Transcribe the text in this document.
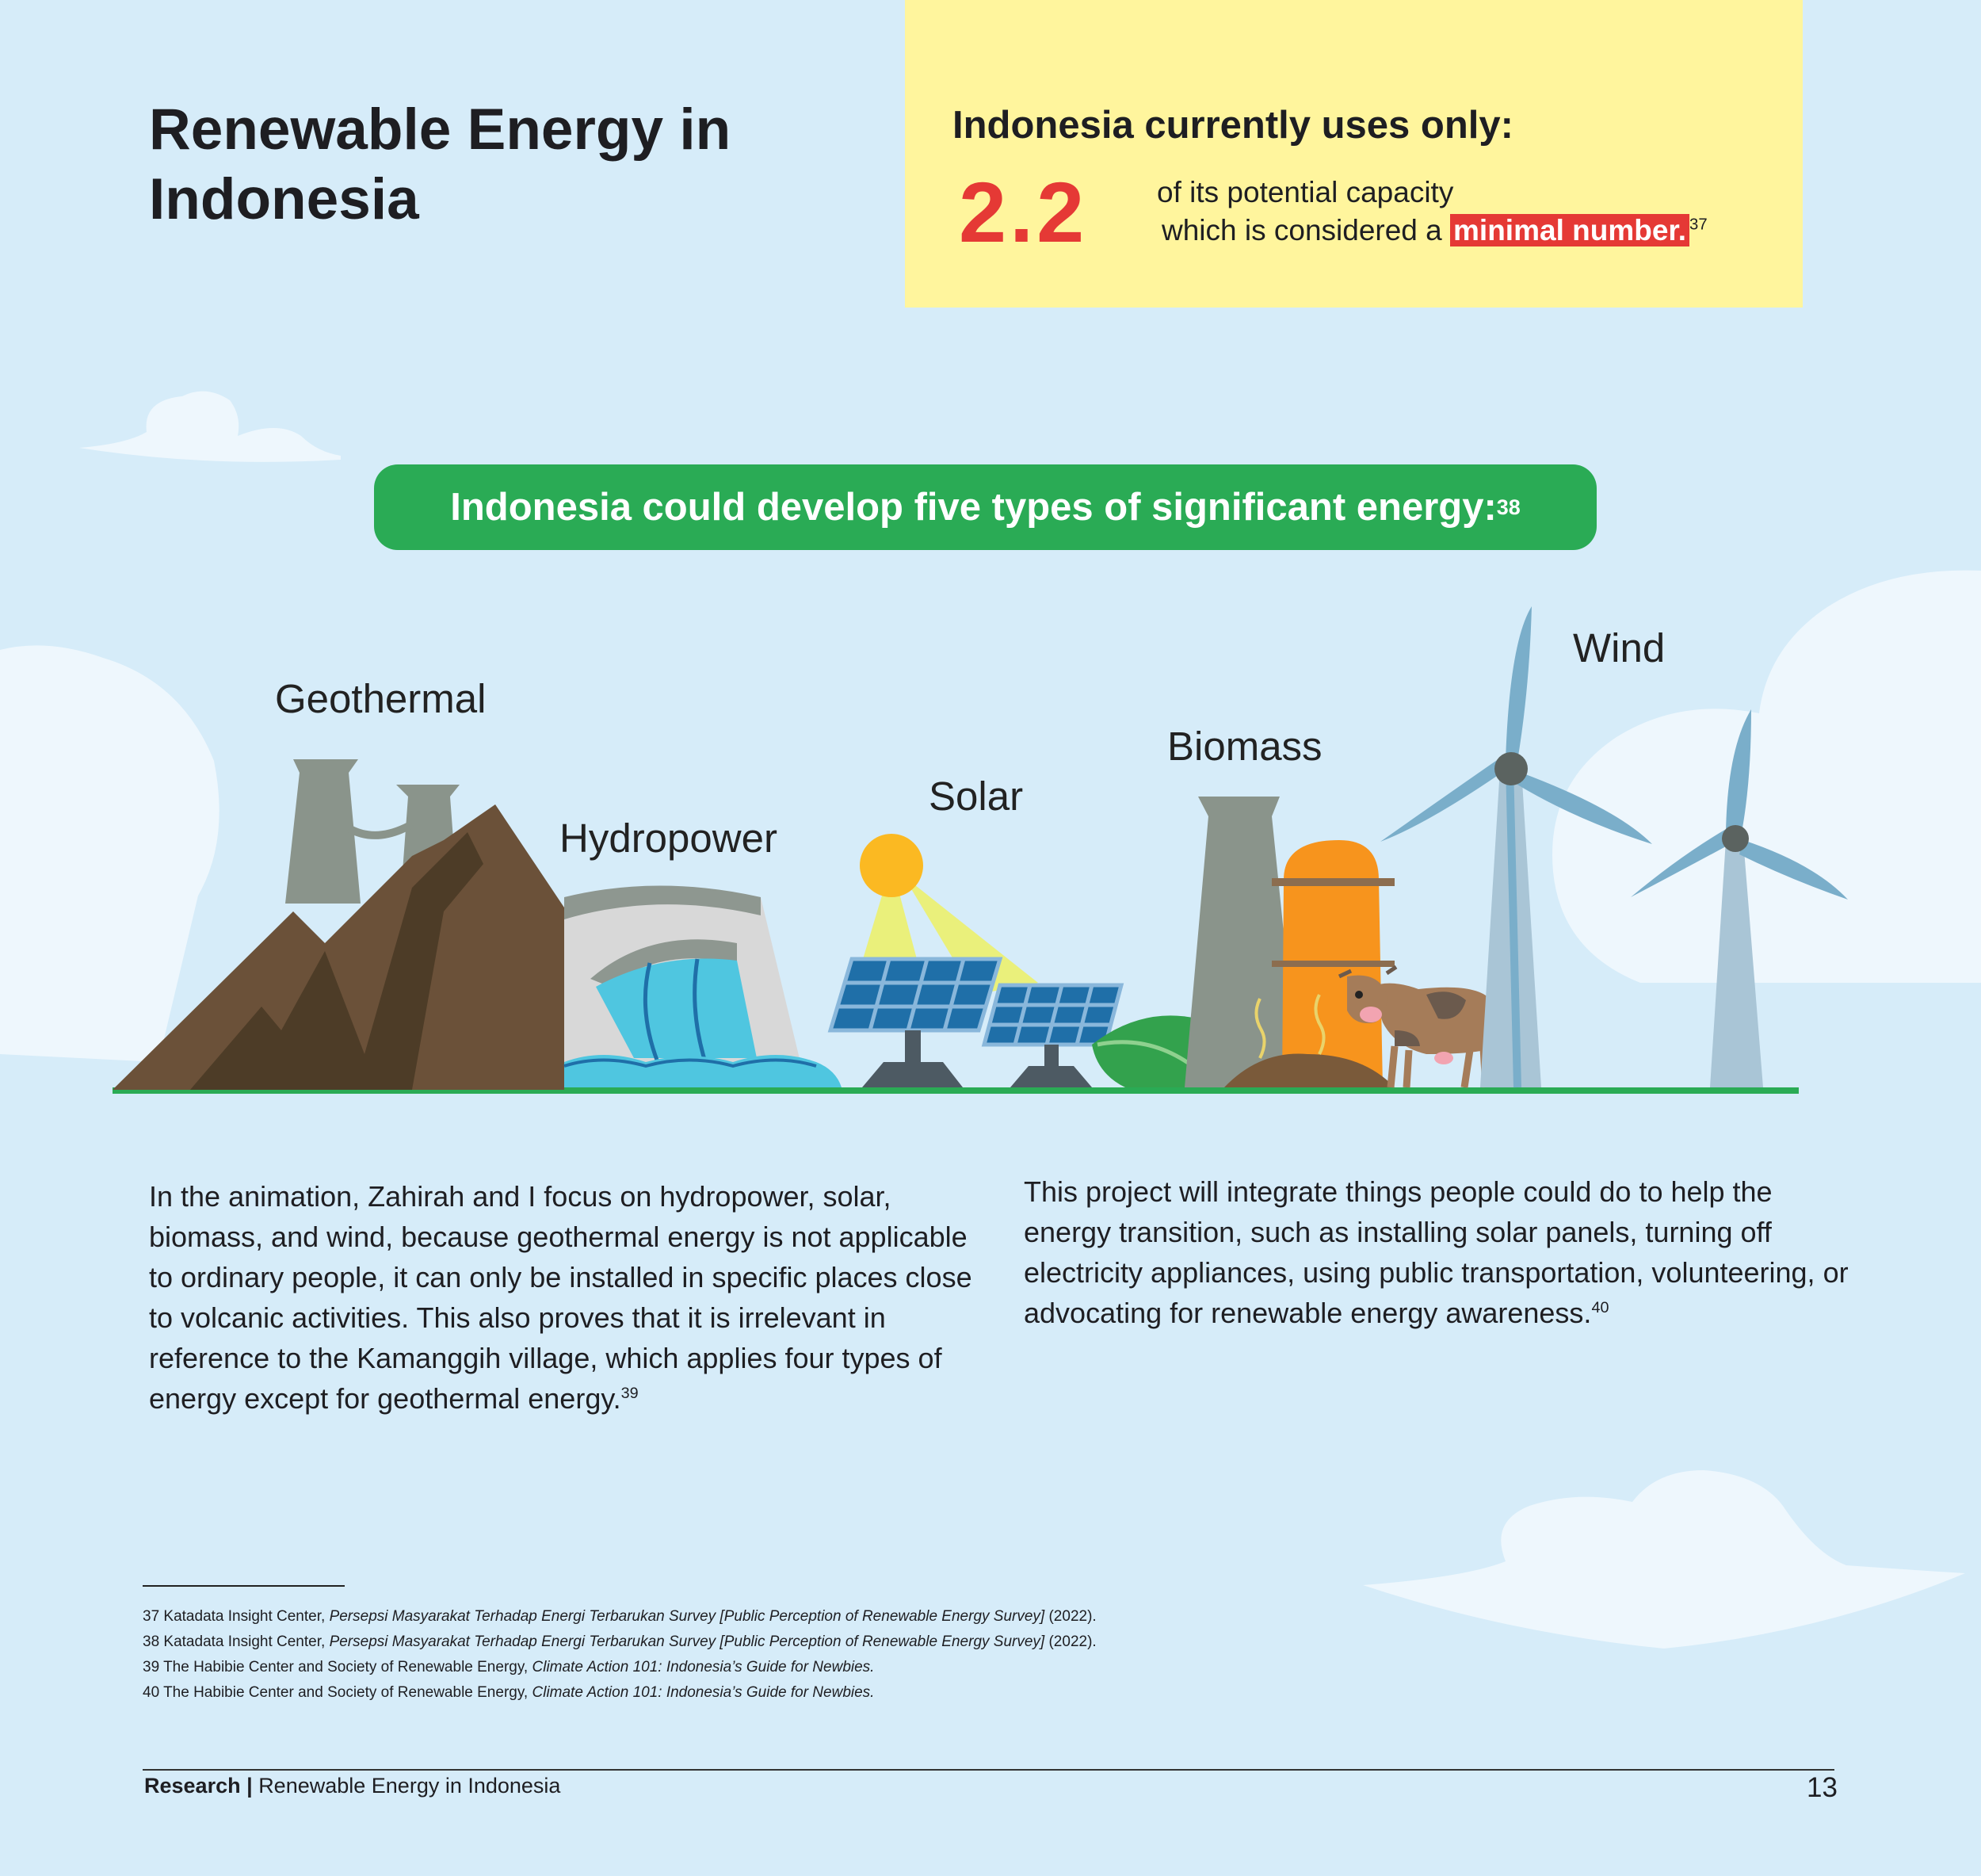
Renewable Energy in Indonesia
Indonesia currently uses only:
2.2 of its potential capacity
which is considered a minimal number. $^{37}$
Indonesia could develop five types of significant energy: 38
Geothermal
Hydropower
Solar
Biomass
Wind

In the animation, Zahirah and I focus on hydropower, solar, biomass, and wind, because geothermal energy is not applicable to ordinary people, it can only be installed in specific places close to volcanic activities. This also proves that it is irrelevant in reference to the Kamanggih village, which applies four types of energy except for geothermal energy.$^{39}$

This project will integrate things people could do to help the energy transition, such as installing solar panels, turning off electricity appliances, using public transportation, volunteering, or advocating for renewable energy awareness.$^{40}$

37 Katadata Insight Center, Persepsi Masyarakat Terhadap Energi Terbarukan Survey [Public Perception of Renewable Energy Survey] (2022).
38 Katadata Insight Center, Persepsi Masyarakat Terhadap Energi Terbarukan Survey [Public Perception of Renewable Energy Survey] (2022).
39 The Habibie Center and Society of Renewable Energy, Climate Action 101: Indonesia’s Guide for Newbies.
40 The Habibie Center and Society of Renewable Energy, Climate Action 101: Indonesia’s Guide for Newbies.
Research | Renewable Energy in Indonesia	13
